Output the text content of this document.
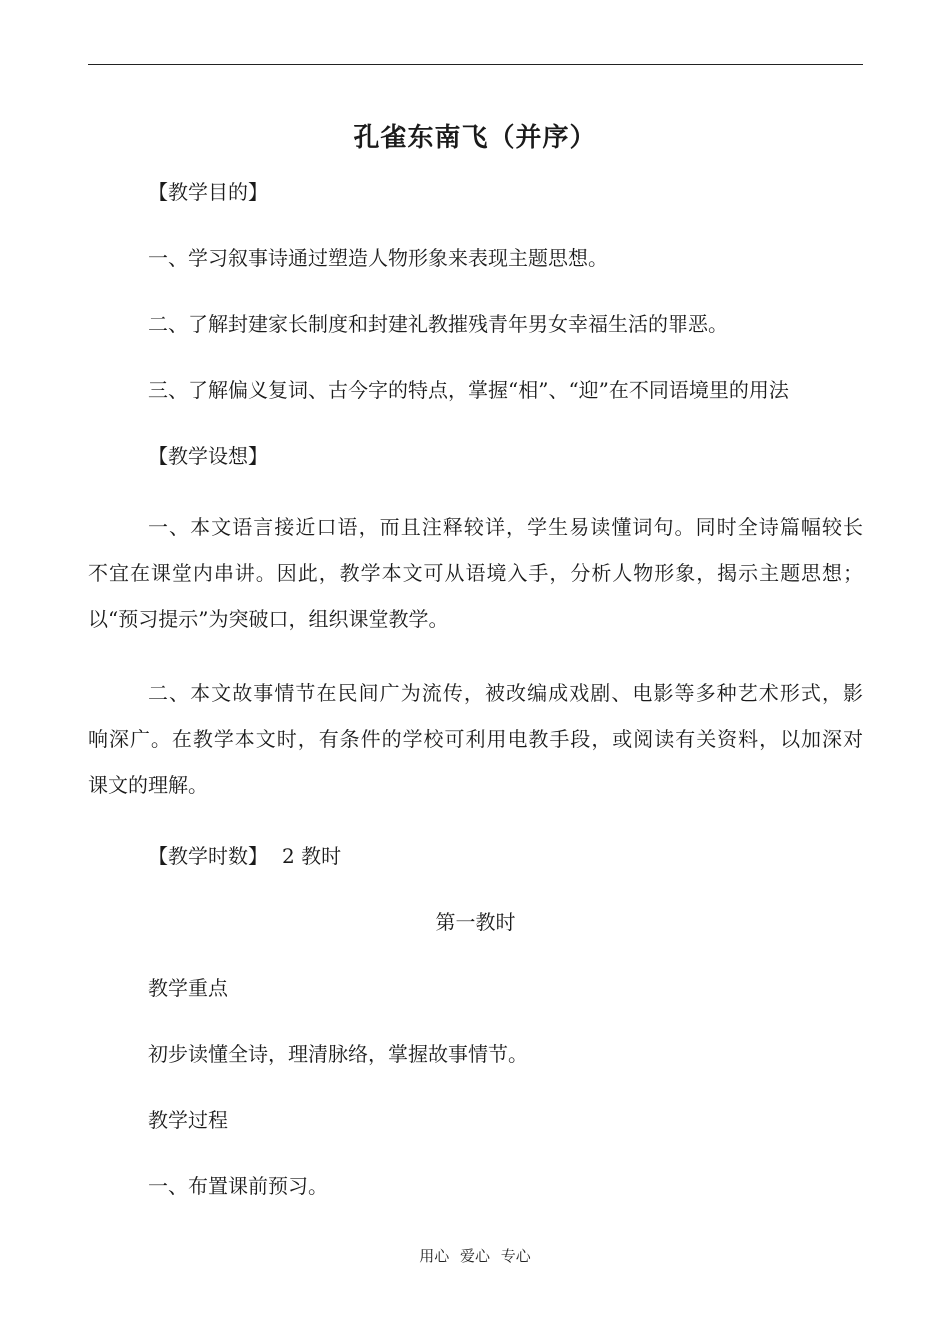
孔雀东南飞（并序）
【教学目的】
一、学习叙事诗通过塑造人物形象来表现主题思想。
二、了解封建家长制度和封建礼教摧残青年男女幸福生活的罪恶。
三、了解偏义复词、古今字的特点，掌握“相”、“迎”在不同语境里的用法
【教学设想】
一、本文语言接近口语，而且注释较详，学生易读懂词句。同时全诗篇幅较长
不宜在课堂内串讲。因此，教学本文可从语境入手，分析人物形象，揭示主题思想；
以“预习提示”为突破口，组织课堂教学。
二、本文故事情节在民间广为流传，被改编成戏剧、电影等多种艺术形式，影
响深广。在教学本文时，有条件的学校可利用电教手段，或阅读有关资料，以加深对
课文的理解。
【教学时数】 2 教时
第一教时
教学重点
初步读懂全诗，理清脉络，掌握故事情节。
教学过程
一、布置课前预习。
用心 爱心 专心
